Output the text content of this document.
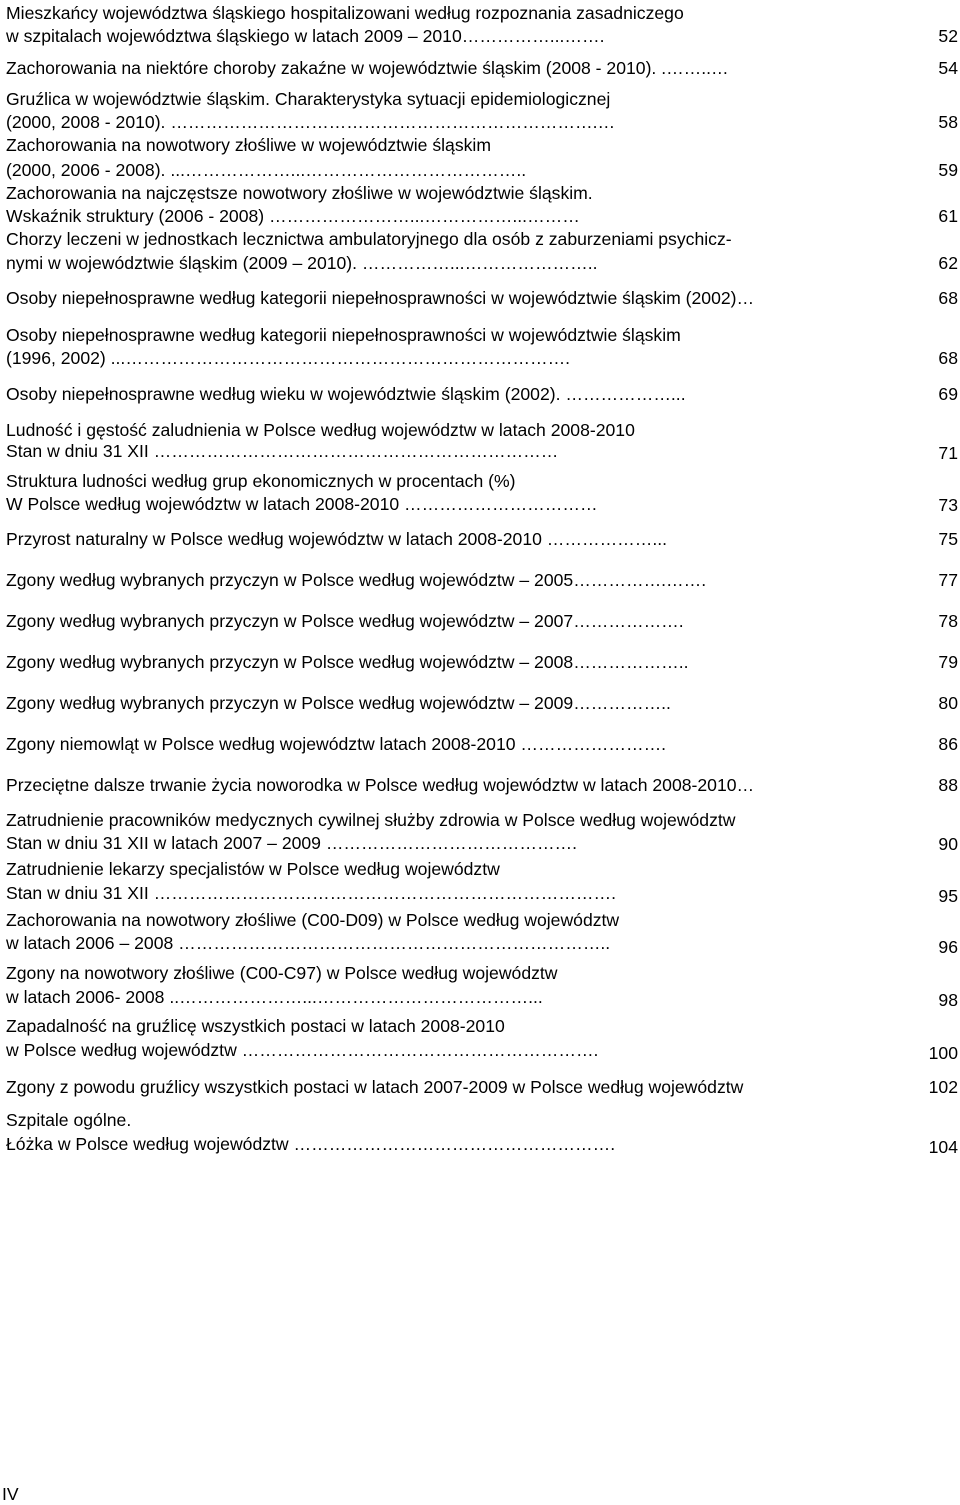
Mieszkańcy województwa śląskiego hospitalizowani według rozpoznania zasadniczego
w szpitalach województwa śląskiego w latach 2009 – 2010……………...…….	52
Zachorowania na niektóre choroby zakaźne w województwie śląskim (2008 - 2010). .……..…	54
Gruźlica w województwie śląskim. Charakterystyka sytuacji epidemiologicznej
(2000, 2008 - 2010). ……………………………………………………………….…	58
Zachorowania na nowotwory złośliwe w województwie śląskim
(2000, 2006 - 2008). ...………………...………………………………..	59
Zachorowania na najczęstsze nowotwory złośliwe w województwie śląskim.
Wskaźnik struktury (2006 - 2008) ……………………...……………...………	61
Chorzy leczeni w jednostkach lecznictwa ambulatoryjnego dla osób z zaburzeniami psychicz-
nymi w województwie śląskim (2009 – 2010). ……………...…………………..	62
Osoby niepełnosprawne według kategorii niepełnosprawności w województwie śląskim (2002)…	68
Osoby niepełnosprawne według kategorii niepełnosprawności w województwie śląskim
(1996, 2002) ...………………………………………………………………….	68
Osoby niepełnosprawne według wieku w województwie śląskim (2002). ………………...	69
Ludność i gęstość zaludnienia w Polsce według województw w latach 2008-2010
Stan w dniu 31 XII ……………………………………………………………	71
Struktura ludności według grup ekonomicznych w procentach (%)
W Polsce według województw w latach 2008-2010 ……………………………	73
Przyrost naturalny w Polsce według województw w latach 2008-2010 ………………...	75
Zgony według wybranych przyczyn w Polsce według województw – 2005…………….…….	77
Zgony według wybranych przyczyn w Polsce według województw – 2007……………….	78
Zgony według wybranych przyczyn w Polsce według województw – 2008………………..	79
Zgony według wybranych przyczyn w Polsce według województw – 2009……………..	80
Zgony niemowląt w Polsce według województw latach 2008-2010 …………………….	86
Przeciętne dalsze trwanie życia noworodka w Polsce według województw w latach 2008-2010…	88
Zatrudnienie pracowników medycznych cywilnej służby zdrowia w Polsce według województw
Stan w dniu 31 XII w latach 2007 – 2009 …………………………………….	90
Zatrudnienie lekarzy specjalistów w Polsce według województw
Stan w dniu 31 XII …………………………………………………………………….	95
Zachorowania na nowotwory złośliwe (C00-D09) w Polsce według województw
w latach 2006 – 2008 ………………………………………………………………..	96
Zgony na nowotwory złośliwe (C00-C97) w Polsce według województw
w latach 2006- 2008 ..…………………...………………………………...	98
Zapadalność na gruźlicę wszystkich postaci w latach 2008-2010
w Polsce według województw …………………………………………………….	100
Zgony z powodu gruźlicy wszystkich postaci w latach 2007-2009 w Polsce według województw	102
Szpitale ogólne.
Łóżka w Polsce według województw ……………………………………………….	104
IV
